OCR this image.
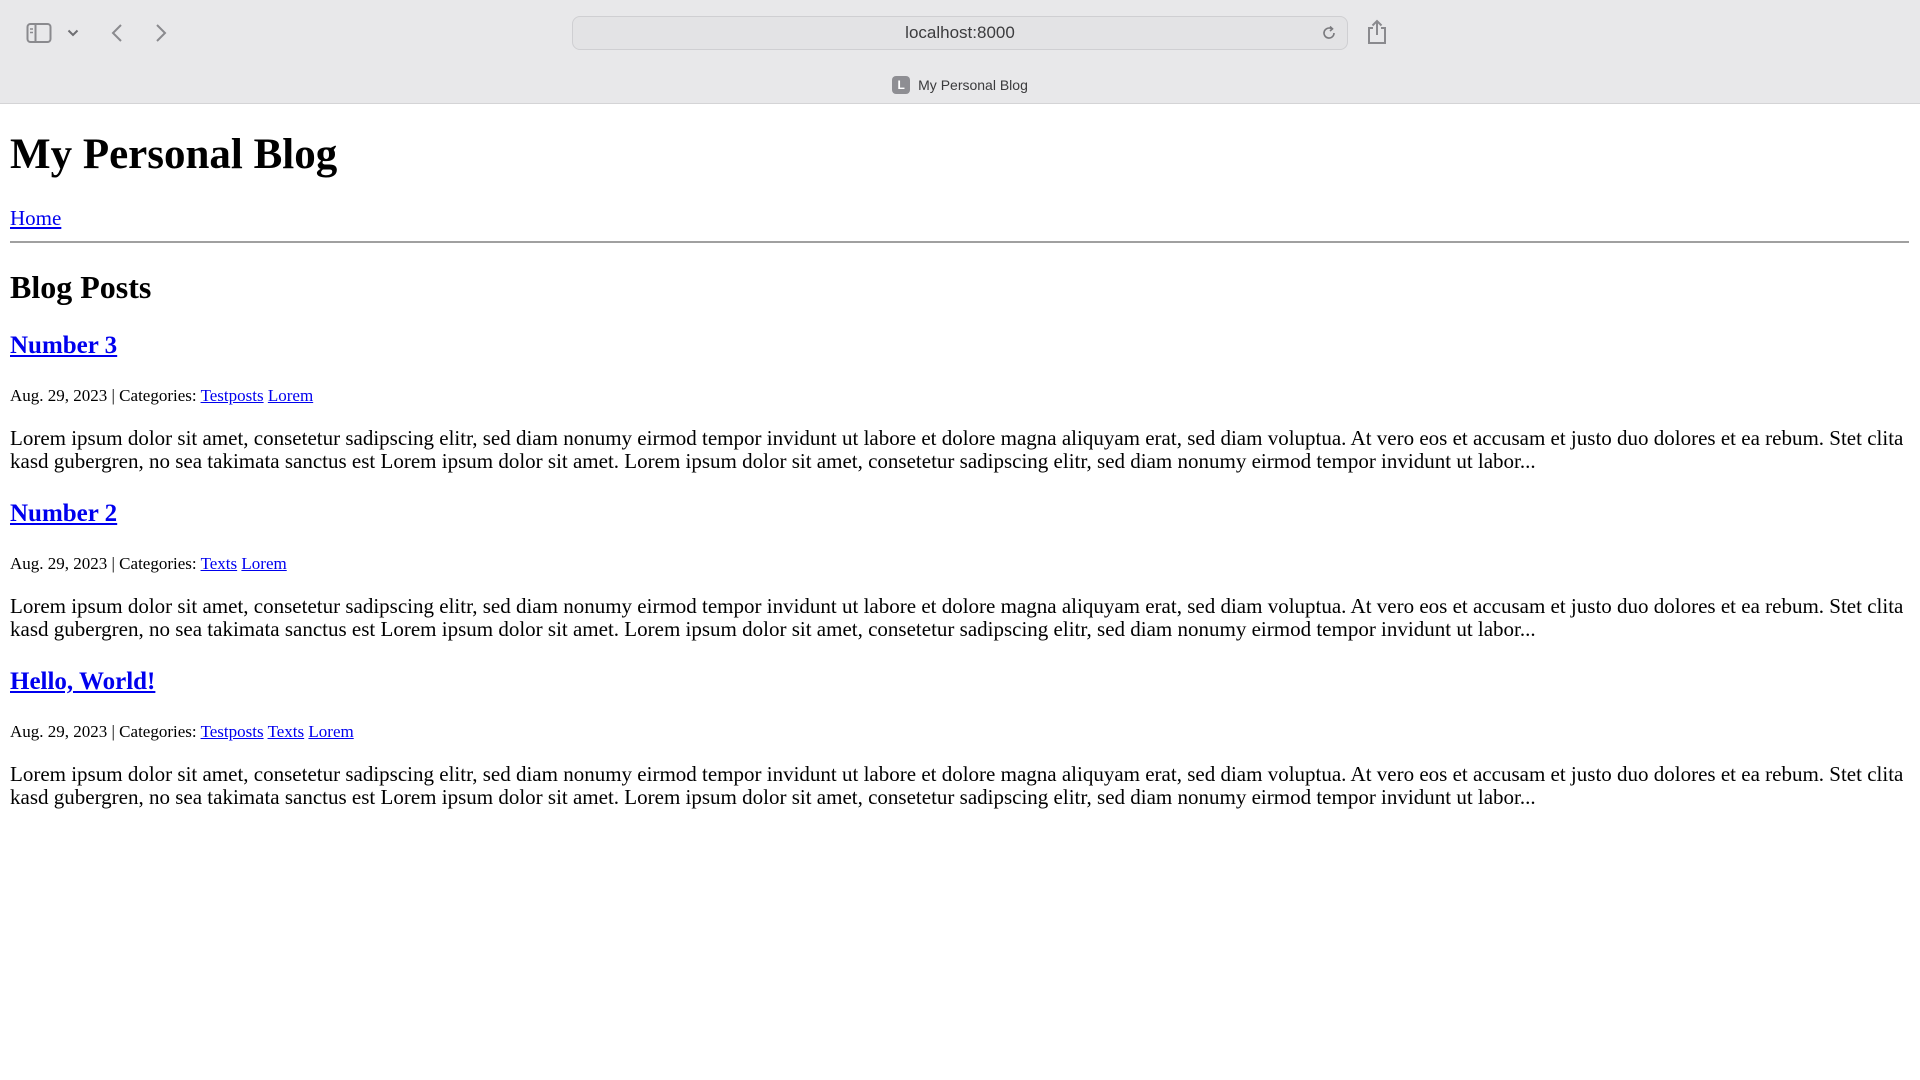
localhost:8000
L My Personal Blog
My Personal Blog
Home
Blog Posts
Number 3
Aug. 29, 2023 | Categories: Testposts Lorem

Lorem ipsum dolor sit amet, consetetur sadipscing elitr, sed diam nonumy eirmod tempor invidunt ut labore et dolore magna aliquyam erat, sed diam voluptua. At vero eos et accusam et justo duo dolores et ea rebum. Stet clita kasd gubergren, no sea takimata sanctus est Lorem ipsum dolor sit amet. Lorem ipsum dolor sit amet, consetetur sadipscing elitr, sed diam nonumy eirmod tempor invidunt ut labor...

Number 2
Aug. 29, 2023 | Categories: Texts Lorem

Lorem ipsum dolor sit amet, consetetur sadipscing elitr, sed diam nonumy eirmod tempor invidunt ut labore et dolore magna aliquyam erat, sed diam voluptua. At vero eos et accusam et justo duo dolores et ea rebum. Stet clita kasd gubergren, no sea takimata sanctus est Lorem ipsum dolor sit amet. Lorem ipsum dolor sit amet, consetetur sadipscing elitr, sed diam nonumy eirmod tempor invidunt ut labor...

Hello, World!
Aug. 29, 2023 | Categories: Testposts Texts Lorem

Lorem ipsum dolor sit amet, consetetur sadipscing elitr, sed diam nonumy eirmod tempor invidunt ut labore et dolore magna aliquyam erat, sed diam voluptua. At vero eos et accusam et justo duo dolores et ea rebum. Stet clita kasd gubergren, no sea takimata sanctus est Lorem ipsum dolor sit amet. Lorem ipsum dolor sit amet, consetetur sadipscing elitr, sed diam nonumy eirmod tempor invidunt ut labor...
